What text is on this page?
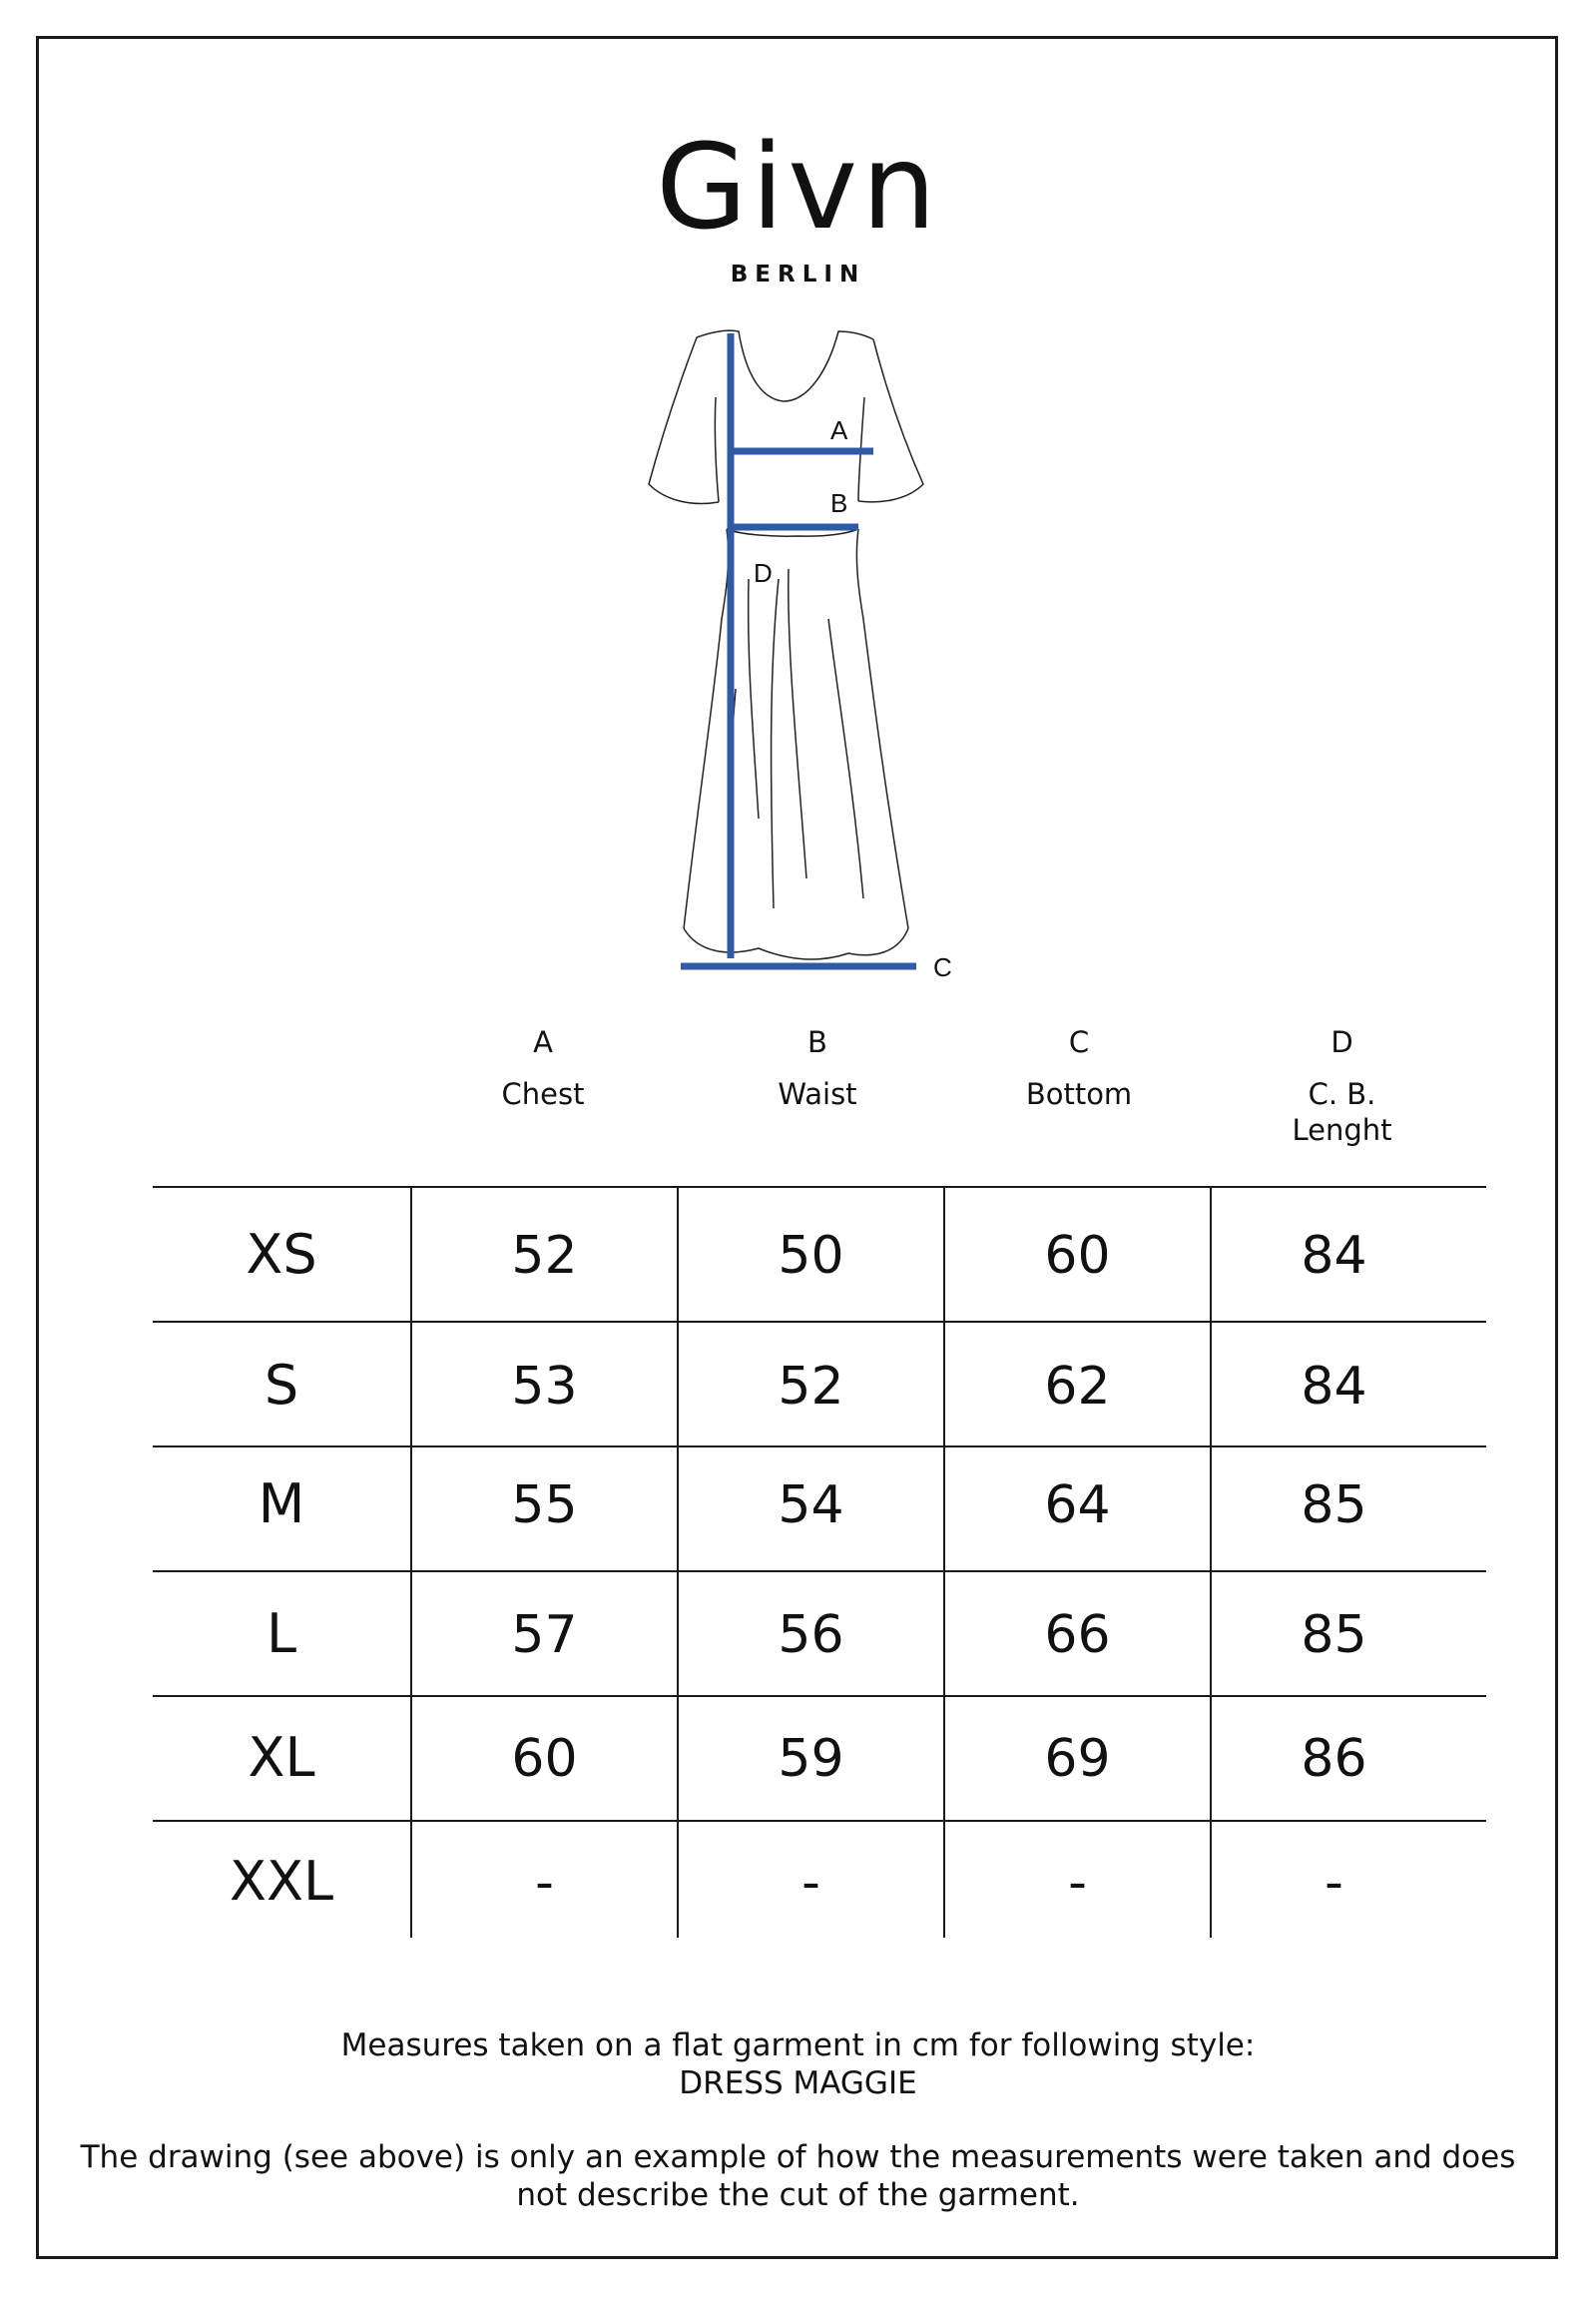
Givn
BERLIN
A
B
D
C
A
Chest
B
Waist
C
Bottom
D
C. B. Lenght
XS	52	50	60	84
S	53	52	62	84
M	55	54	64	85
L	57	56	66	85
XL	60	59	69	86
XXL	-	-	-	-
Measures taken on a flat garment in cm for following style:
DRESS MAGGIE
The drawing (see above) is only an example of how the measurements were taken and does
not describe the cut of the garment.
